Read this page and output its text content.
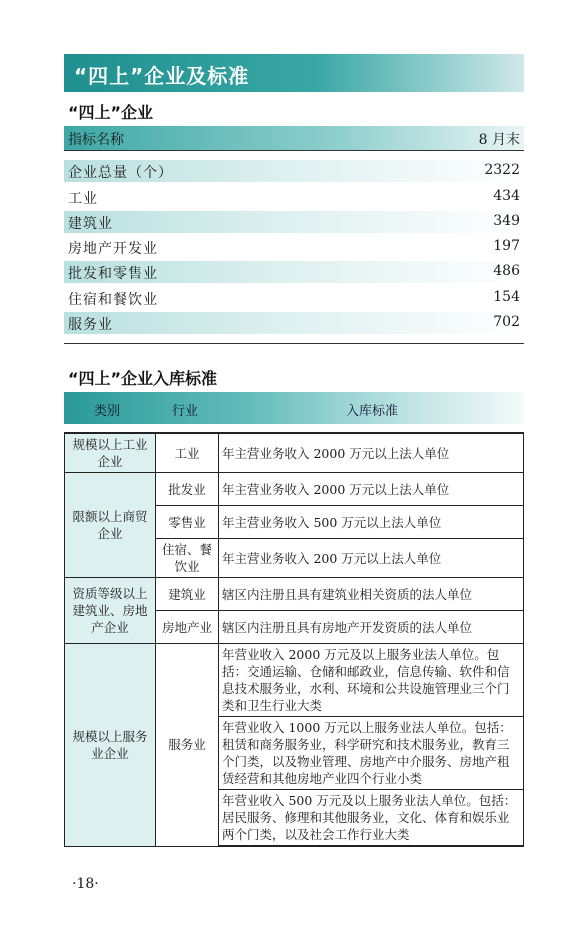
“四上”企业及标准
“四上”企业
指标名称	8 月末
企业总量（个）	2322
工业	434
建筑业	349
房地产开发业	197
批发和零售业	486
住宿和餐饮业	154
服务业	702
“四上”企业入库标准
类别	行业	入库标准
规模以上工业企业	工业	年主营业务收入 2000 万元以上法人单位
限额以上商贸企业	批发业	年主营业务收入 2000 万元以上法人单位
	零售业	年主营业务收入 500 万元以上法人单位
	住宿、餐饮业	年主营业务收入 200 万元以上法人单位
资质等级以上建筑业、房地产企业	建筑业	辖区内注册且具有建筑业相关资质的法人单位
	房地产业	辖区内注册且具有房地产开发资质的法人单位
规模以上服务业企业	服务业	年营业收入 2000 万元及以上服务业法人单位。包括：交通运输、仓储和邮政业，信息传输、软件和信息技术服务业，水利、环境和公共设施管理业三个门类和卫生行业大类
		年营业收入 1000 万元以上服务业法人单位。包括：租赁和商务服务业，科学研究和技术服务业，教育三个门类，以及物业管理、房地产中介服务、房地产租赁经营和其他房地产业四个行业小类
		年营业收入 500 万元及以上服务业法人单位。包括：居民服务、修理和其他服务业，文化、体育和娱乐业两个门类，以及社会工作行业大类
·18·
